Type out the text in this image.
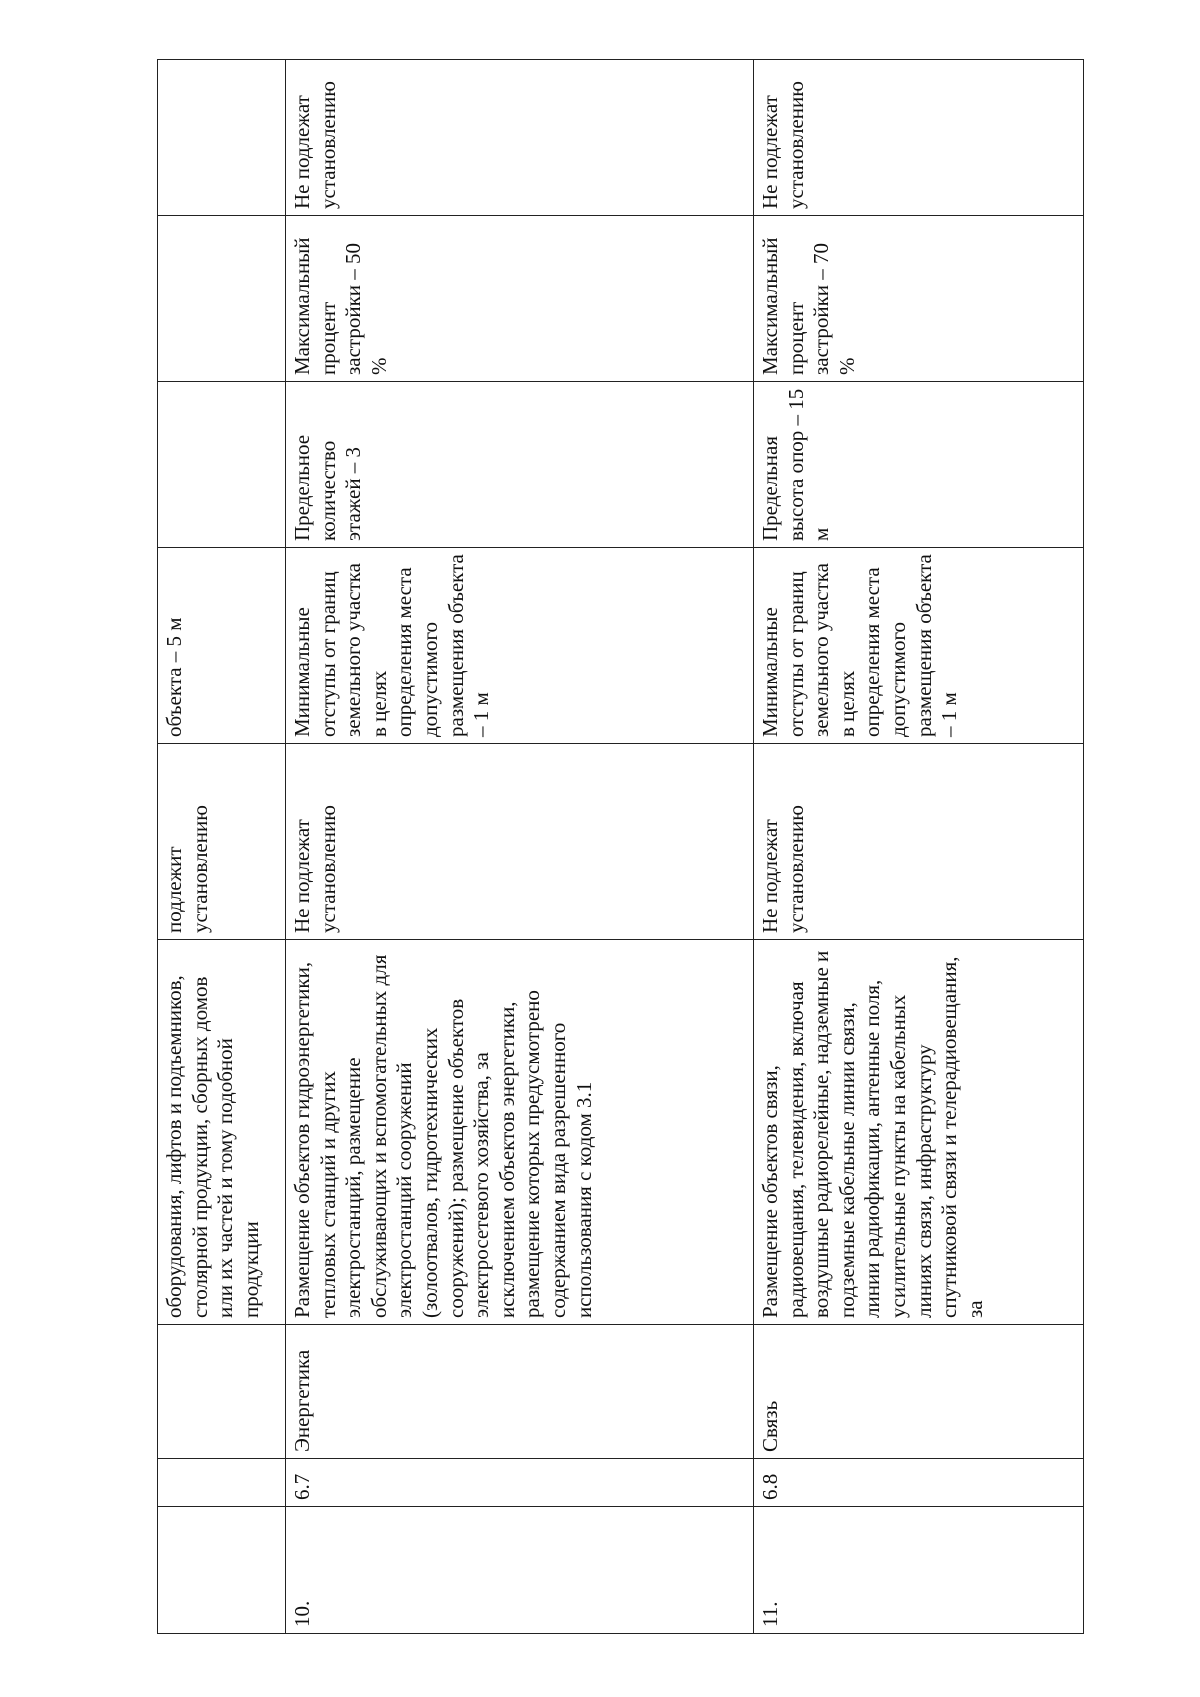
			оборудования, лифтов и подъемников, столярной продукции, сборных домов или их частей и тому подобной продукции	подлежит установлению	объекта – 5 м			
10.	6.7	Энергетика	Размещение объектов гидроэнергетики, тепловых станций и других электростанций, размещение обслуживающих и вспомогательных для электростанций сооружений (золоотвалов, гидротехнических сооружений); размещение объектов электросетевого хозяйства, за исключением объектов энергетики, размещение которых предусмотрено содержанием вида разрешенного использования с кодом 3.1	Не подлежат установлению	Минимальные отступы от границ земельного участка в целях определения места допустимого размещения объекта – 1 м	Предельное количество этажей – 3	Максимальный процент застройки – 50 %	Не подлежат установлению
11.	6.8	Связь	Размещение объектов связи, радиовещания, телевидения, включая воздушные радиорелейные, надземные и подземные кабельные линии связи, линии радиофикации, антенные поля, усилительные пункты на кабельных линиях связи, инфраструктуру спутниковой связи и телерадиовещания, за	Не подлежат установлению	Минимальные отступы от границ земельного участка в целях определения места допустимого размещения объекта – 1 м	Предельная высота опор – 15 м	Максимальный процент застройки – 70 %	Не подлежат установлению
